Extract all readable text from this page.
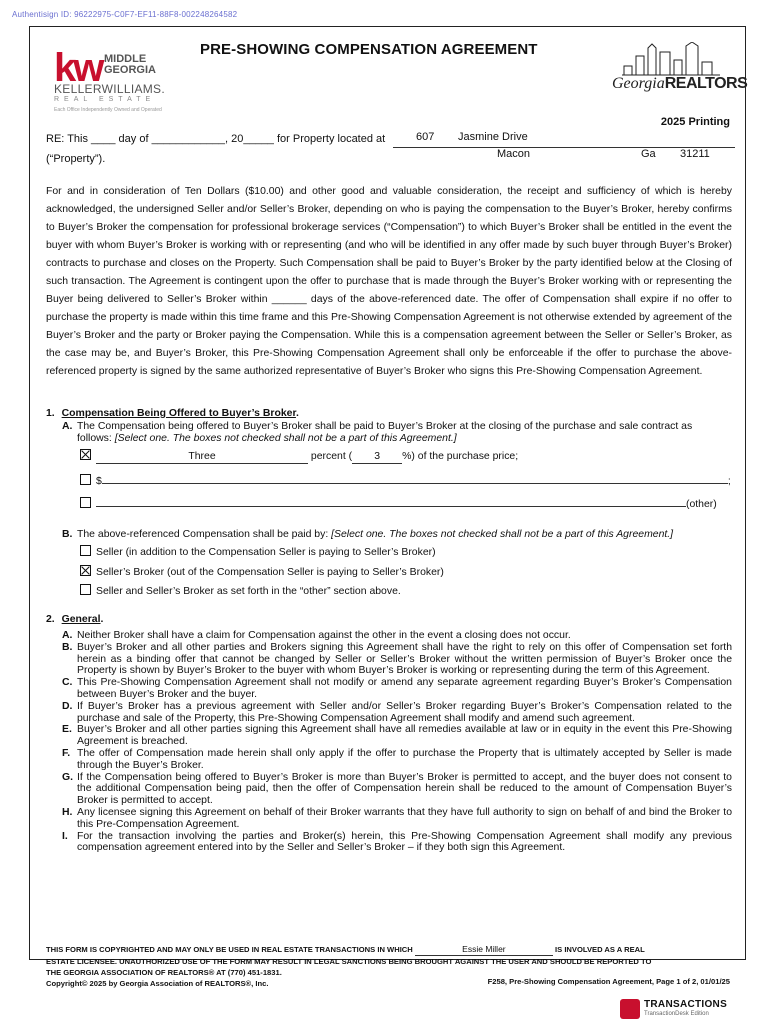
Authentisign ID: 96222975-C0F7-EF11-88F8-002248264582
kw MIDDLE GEORGIA
KELLERWILLIAMS.
REAL ESTATE
Each Office Independently Owned and Operated
PRE-SHOWING COMPENSATION AGREEMENT
GeorgiaREALTORS
2025 Printing
RE: This ____ day of ____________, 20_____ for Property located at	607 Jasmine Drive
Macon	Ga 31211
(“Property”).
For and in consideration of Ten Dollars ($10.00) and other good and valuable consideration, the receipt and sufficiency of which is hereby acknowledged, the undersigned Seller and/or Seller’s Broker, depending on who is paying the compensation to the Buyer’s Broker, hereby confirms to Buyer’s Broker the compensation for professional brokerage services (“Compensation”) to which Buyer’s Broker shall be entitled in the event the buyer with whom Buyer’s Broker is working with or representing (and who will be identified in any offer made by such buyer through Buyer’s Broker) contracts to purchase and closes on the Property. Such Compensation shall be paid to Buyer’s Broker by the party identified below at the Closing of such transaction. The Agreement is contingent upon the offer to purchase that is made through the Buyer’s Broker working with or representing the Buyer being delivered to Seller’s Broker within ______ days of the above-referenced date. The offer of Compensation shall expire if no offer to purchase the property is made within this time frame and this Pre-Showing Compensation Agreement is not otherwise extended by agreement of the Buyer’s Broker and the party or Broker paying the Compensation. While this is a compensation agreement between the Seller or Seller’s Broker, as the case may be, and Buyer’s Broker, this Pre-Showing Compensation Agreement shall only be enforceable if the offer to purchase the above-referenced property is signed by the same authorized representative of Buyer’s Broker who signs this Pre-Showing Compensation Agreement.
1. Compensation Being Offered to Buyer’s Broker.
A. The Compensation being offered to Buyer’s Broker shall be paid to Buyer’s Broker at the closing of the purchase and sale contract as
follows: [Select one. The boxes not checked shall not be a part of this Agreement.]
Three	percent ( 3 %) of the purchase price;
$	;
(other)
B. The above-referenced Compensation shall be paid by: [Select one. The boxes not checked shall not be a part of this Agreement.]
Seller (in addition to the Compensation Seller is paying to Seller’s Broker)
Seller’s Broker (out of the Compensation Seller is paying to Seller’s Broker)
Seller and Seller’s Broker as set forth in the “other” section above.
2. General.
A. Neither Broker shall have a claim for Compensation against the other in the event a closing does not occur.
B. Buyer’s Broker and all other parties and Brokers signing this Agreement shall have the right to rely on this offer of Compensation set forth herein as a binding offer that cannot be changed by Seller or Seller’s Broker without the written permission of Buyer’s Broker once the Property is shown by Buyer’s Broker to the buyer with whom Buyer’s Broker is working or representing during the term of this Agreement.
C. This Pre-Showing Compensation Agreement shall not modify or amend any separate agreement regarding Buyer’s Broker’s Compensation between Buyer’s Broker and the buyer.
D. If Buyer’s Broker has a previous agreement with Seller and/or Seller’s Broker regarding Buyer’s Broker’s Compensation related to the purchase and sale of the Property, this Pre-Showing Compensation Agreement shall modify and amend such agreement.
E. Buyer’s Broker and all other parties signing this Agreement shall have all remedies available at law or in equity in the event this Pre-Showing Agreement is breached.
F. The offer of Compensation made herein shall only apply if the offer to purchase the Property that is ultimately accepted by Seller is made through the Buyer’s Broker.
G. If the Compensation being offered to Buyer’s Broker is more than Buyer’s Broker is permitted to accept, and the buyer does not consent to the additional Compensation being paid, then the offer of Compensation herein shall be reduced to the amount of Compensation Buyer’s Broker is permitted to accept.
H. Any licensee signing this Agreement on behalf of their Broker warrants that they have full authority to sign on behalf of and bind the Broker to this Pre-Compensation Agreement.
I. For the transaction involving the parties and Broker(s) herein, this Pre-Showing Compensation Agreement shall modify any previous compensation agreement entered into by the Seller and Seller’s Broker – if they both sign this Agreement.
THIS FORM IS COPYRIGHTED AND MAY ONLY BE USED IN REAL ESTATE TRANSACTIONS IN WHICH	Essie Miller	IS INVOLVED AS A REAL
ESTATE LICENSEE. UNAUTHORIZED USE OF THE FORM MAY RESULT IN LEGAL SANCTIONS BEING BROUGHT AGAINST THE USER AND SHOULD BE REPORTED TO
THE GEORGIA ASSOCIATION OF REALTORS® AT (770) 451-1831.
Copyright© 2025 by Georgia Association of REALTORS®, Inc.	F258, Pre-Showing Compensation Agreement, Page 1 of 2, 01/01/25
TRANSACTIONS
TransactionDesk Edition
